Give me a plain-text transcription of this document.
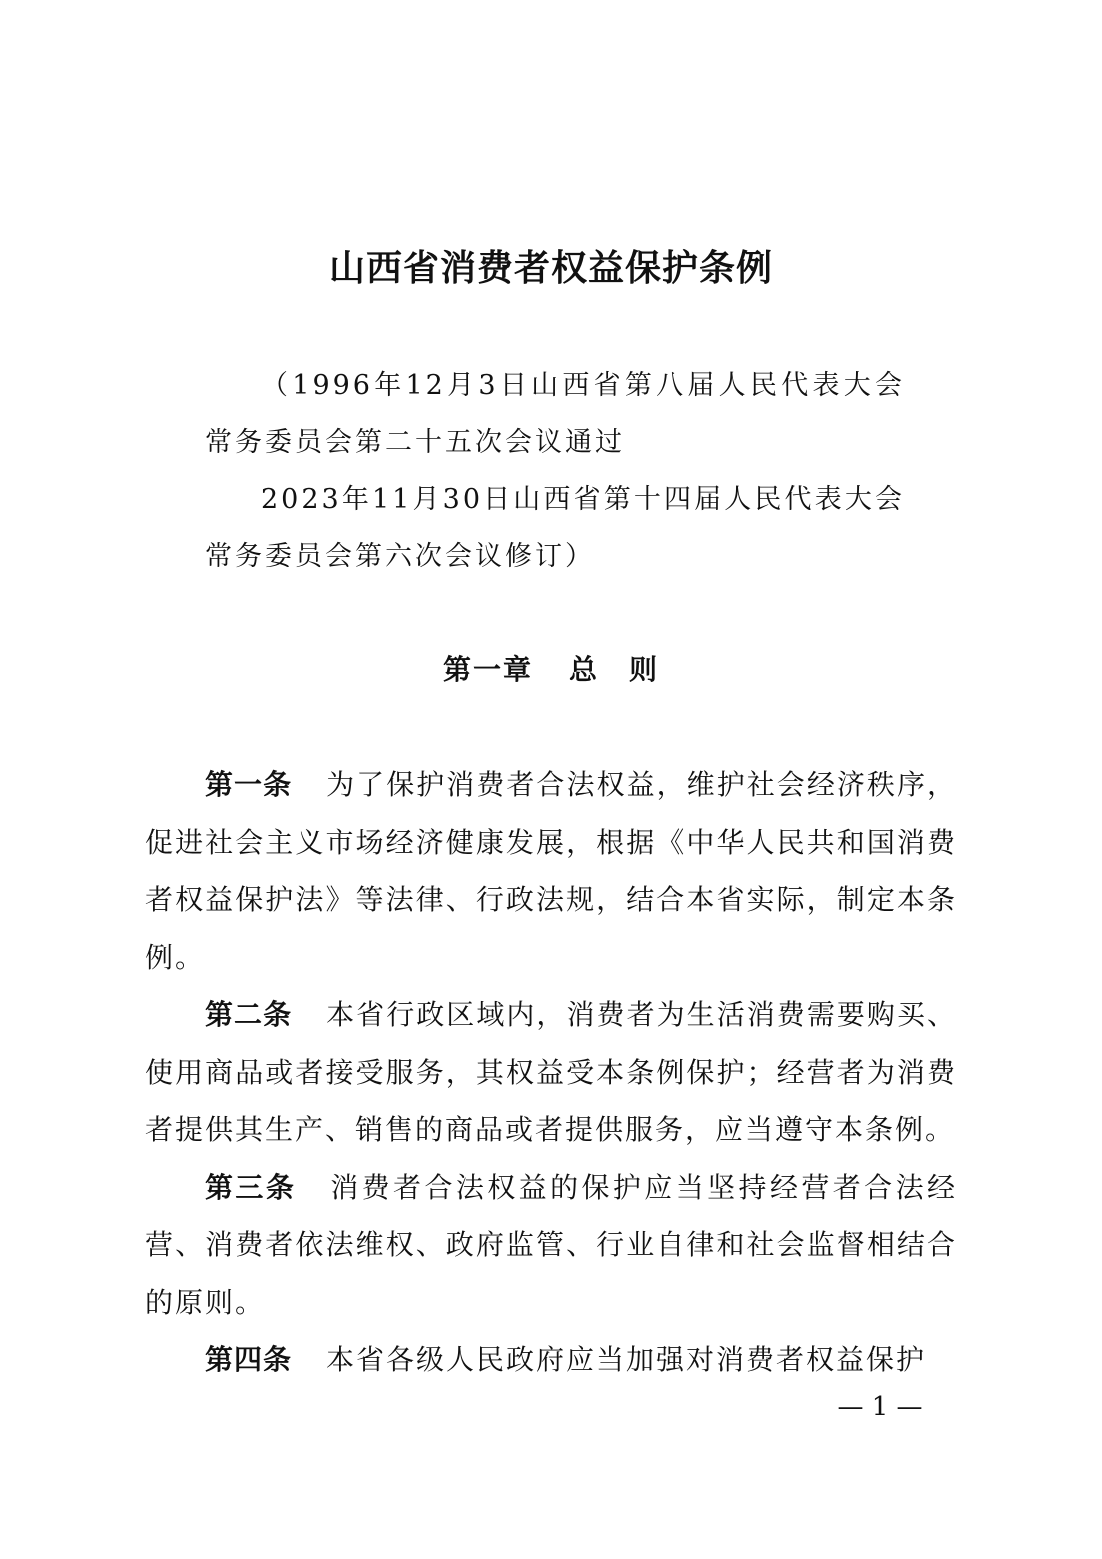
山西省消费者权益保护条例

（1996年12月3日山西省第八届人民代表大会常务委员会第二十五次会议通过

2023年11月30日山西省第十四届人民代表大会常务委员会第六次会议修订）

第一章 总　则

第一条 为了保护消费者合法权益，维护社会经济秩序，促进社会主义市场经济健康发展，根据《中华人民共和国消费者权益保护法》等法律、行政法规，结合本省实际，制定本条例。

第二条 本省行政区域内，消费者为生活消费需要购买、使用商品或者接受服务，其权益受本条例保护；经营者为消费者提供其生产、销售的商品或者提供服务，应当遵守本条例。

第三条 消费者合法权益的保护应当坚持经营者合法经营、消费者依法维权、政府监管、行业自律和社会监督相结合的原则。

第四条 本省各级人民政府应当加强对消费者权益保护

— 1 —
